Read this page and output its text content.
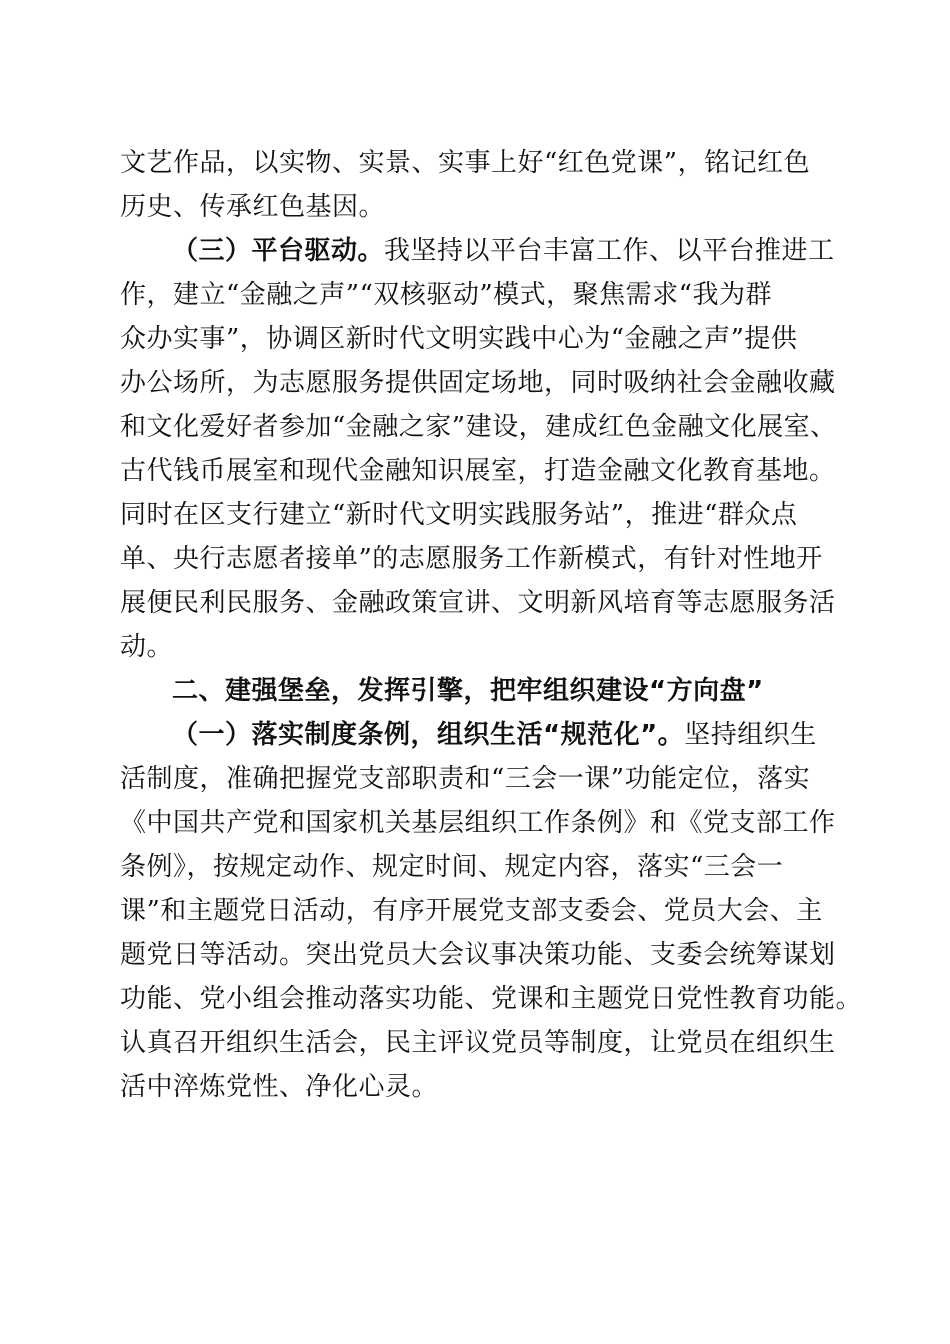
文艺作品，以实物、实景、实事上好“红色党课”，铭记红色
历史、传承红色基因。
（三）平台驱动。我坚持以平台丰富工作、以平台推进工
作，建立“金融之声”“双核驱动”模式，聚焦需求“我为群
众办实事”，协调区新时代文明实践中心为“金融之声”提供
办公场所，为志愿服务提供固定场地，同时吸纳社会金融收藏
和文化爱好者参加“金融之家”建设，建成红色金融文化展室、
古代钱币展室和现代金融知识展室，打造金融文化教育基地。
同时在区支行建立“新时代文明实践服务站”，推进“群众点
单、央行志愿者接单”的志愿服务工作新模式，有针对性地开
展便民利民服务、金融政策宣讲、文明新风培育等志愿服务活
动。
二、建强堡垒，发挥引擎，把牢组织建设“方向盘”
（一）落实制度条例，组织生活“规范化”。坚持组织生
活制度，准确把握党支部职责和“三会一课”功能定位，落实
《中国共产党和国家机关基层组织工作条例》和《党支部工作
条例》，按规定动作、规定时间、规定内容，落实“三会一
课”和主题党日活动，有序开展党支部支委会、党员大会、主
题党日等活动。突出党员大会议事决策功能、支委会统筹谋划
功能、党小组会推动落实功能、党课和主题党日党性教育功能。
认真召开组织生活会，民主评议党员等制度，让党员在组织生
活中淬炼党性、净化心灵。
